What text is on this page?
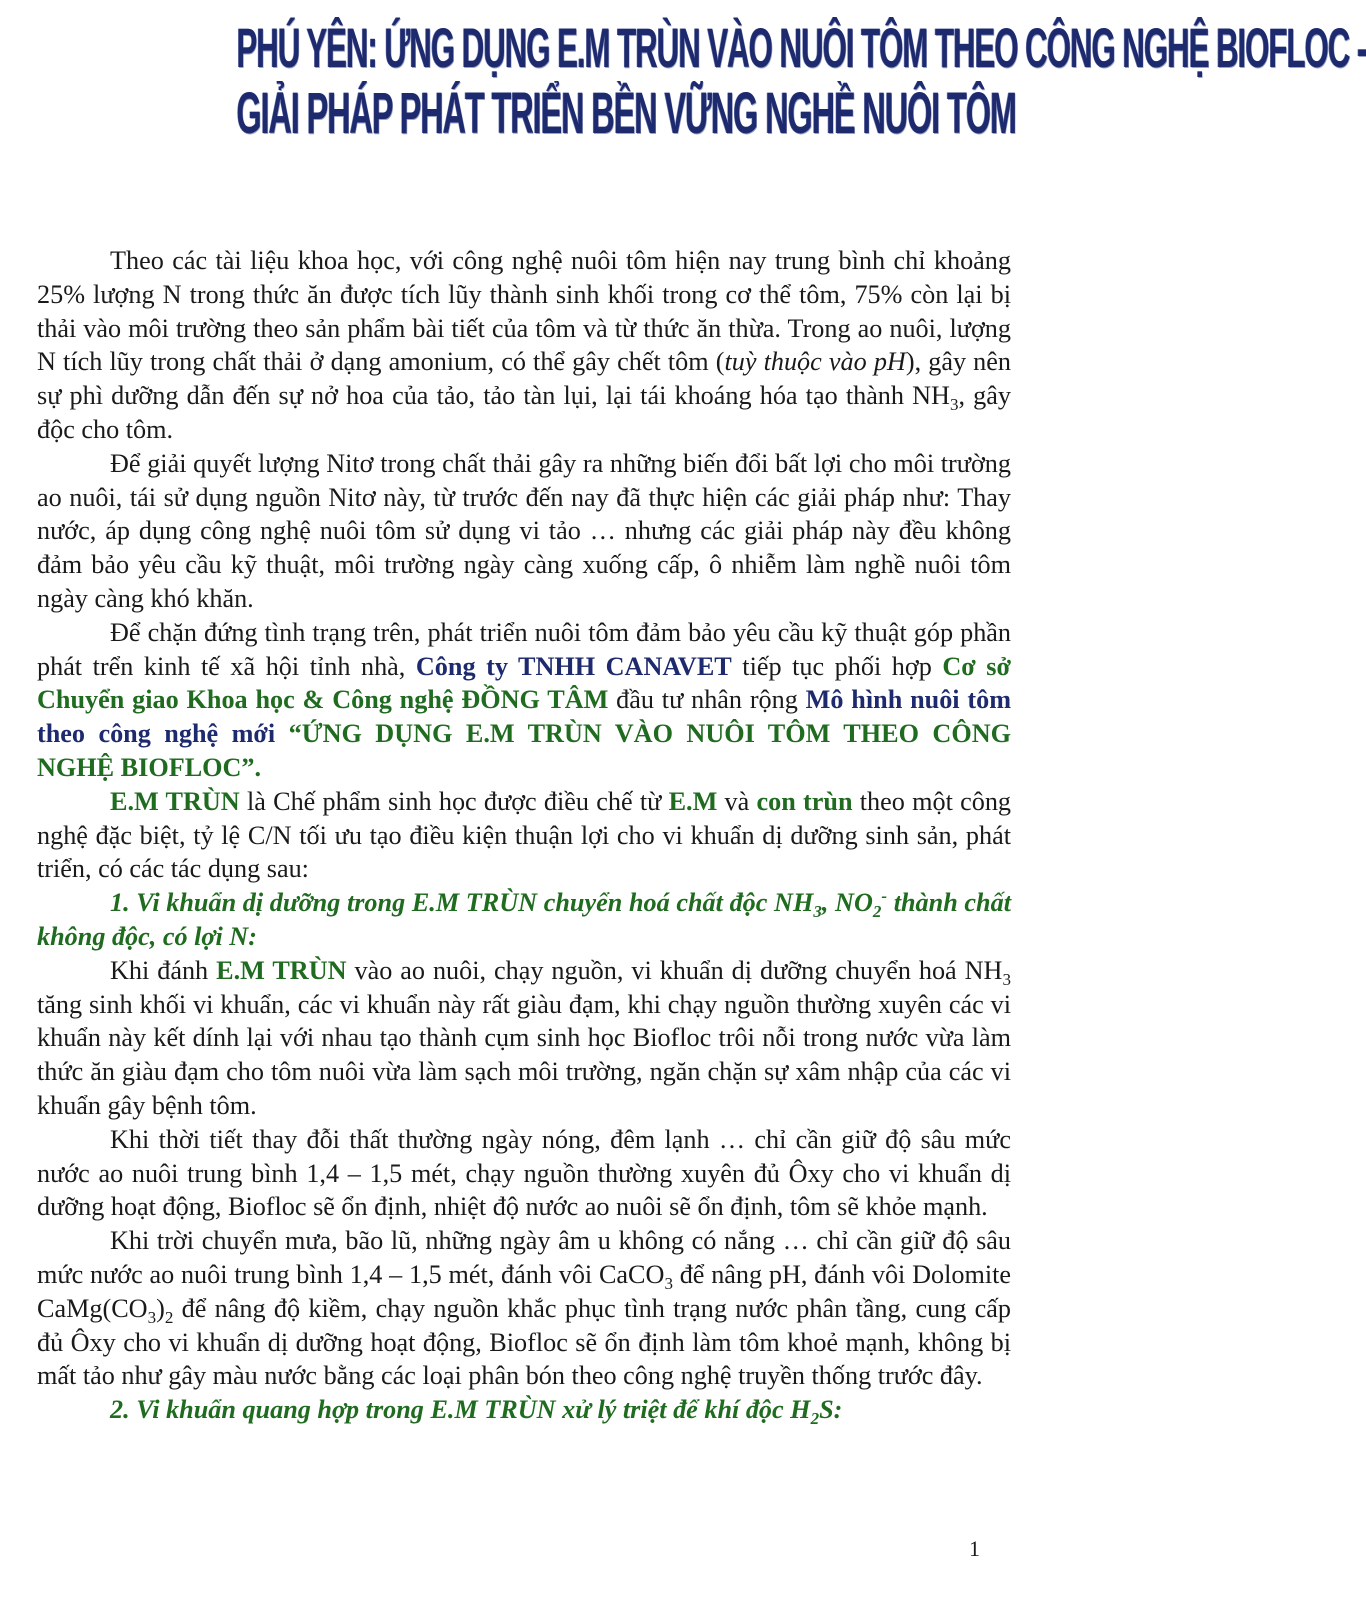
PHÚ YÊN: ỨNG DỤNG E.M TRÙN VÀO NUÔI TÔM THEO CÔNG NGHỆ BIOFLOC -
GIẢI PHÁP PHÁT TRIỂN BỀN VỮNG NGHỀ NUÔI TÔM

Theo các tài liệu khoa học, với công nghệ nuôi tôm hiện nay trung bình chỉ khoảng 25% lượng N trong thức ăn được tích lũy thành sinh khối trong cơ thể tôm, 75% còn lại bị thải vào môi trường theo sản phẩm bài tiết của tôm và từ thức ăn thừa. Trong ao nuôi, lượng N tích lũy trong chất thải ở dạng amonium, có thể gây chết tôm (tuỳ thuộc vào pH), gây nên sự phì dưỡng dẫn đến sự nở hoa của tảo, tảo tàn lụi, lại tái khoáng hóa tạo thành $NH_3$, gây độc cho tôm.

Để giải quyết lượng Nitơ trong chất thải gây ra những biến đổi bất lợi cho môi trường ao nuôi, tái sử dụng nguồn Nitơ này, từ trước đến nay đã thực hiện các giải pháp như: Thay nước, áp dụng công nghệ nuôi tôm sử dụng vi tảo … nhưng các giải pháp này đều không đảm bảo yêu cầu kỹ thuật, môi trường ngày càng xuống cấp, ô nhiễm làm nghề nuôi tôm ngày càng khó khăn.

Để chặn đứng tình trạng trên, phát triển nuôi tôm đảm bảo yêu cầu kỹ thuật góp phần phát trển kinh tế xã hội tỉnh nhà, Công ty TNHH CANAVET tiếp tục phối hợp Cơ sở Chuyển giao Khoa học & Công nghệ ĐỒNG TÂM đầu tư nhân rộng Mô hình nuôi tôm theo công nghệ mới “ỨNG DỤNG E.M TRÙN VÀO NUÔI TÔM THEO CÔNG NGHỆ BIOFLOC”.

E.M TRÙN là Chế phẩm sinh học được điều chế từ E.M và con trùn theo một công nghệ đặc biệt, tỷ lệ C/N tối ưu tạo điều kiện thuận lợi cho vi khuẩn dị dưỡng sinh sản, phát triển, có các tác dụng sau:

1. Vi khuẩn dị dưỡng trong E.M TRÙN chuyển hoá chất độc $NH_3$, $NO_2^-$ thành chất không độc, có lợi N:

Khi đánh E.M TRÙN vào ao nuôi, chạy nguồn, vi khuẩn dị dưỡng chuyển hoá $NH_3$ tăng sinh khối vi khuẩn, các vi khuẩn này rất giàu đạm, khi chạy nguồn thường xuyên các vi khuẩn này kết dính lại với nhau tạo thành cụm sinh học Biofloc trôi nỗi trong nước vừa làm thức ăn giàu đạm cho tôm nuôi vừa làm sạch môi trường, ngăn chặn sự xâm nhập của các vi khuẩn gây bệnh tôm.

Khi thời tiết thay đỗi thất thường ngày nóng, đêm lạnh … chỉ cần giữ độ sâu mức nước ao nuôi trung bình 1,4 – 1,5 mét, chạy nguồn thường xuyên đủ Ôxy cho vi khuẩn dị dưỡng hoạt động, Biofloc sẽ ổn định, nhiệt độ nước ao nuôi sẽ ổn định, tôm sẽ khỏe mạnh.

Khi trời chuyển mưa, bão lũ, những ngày âm u không có nắng … chỉ cần giữ độ sâu mức nước ao nuôi trung bình 1,4 – 1,5 mét, đánh vôi CaCO$_3$ để nâng pH, đánh vôi Dolomite $CaMg(CO_3)_2$ để nâng độ kiềm, chạy nguồn khắc phục tình trạng nước phân tầng, cung cấp đủ Ôxy cho vi khuẩn dị dưỡng hoạt động, Biofloc sẽ ổn định làm tôm khoẻ mạnh, không bị mất tảo như gây màu nước bằng các loại phân bón theo công nghệ truyền thống trước đây.

2. Vi khuẩn quang hợp trong E.M TRÙN xử lý triệt để khí độc $H_2S$:

1
